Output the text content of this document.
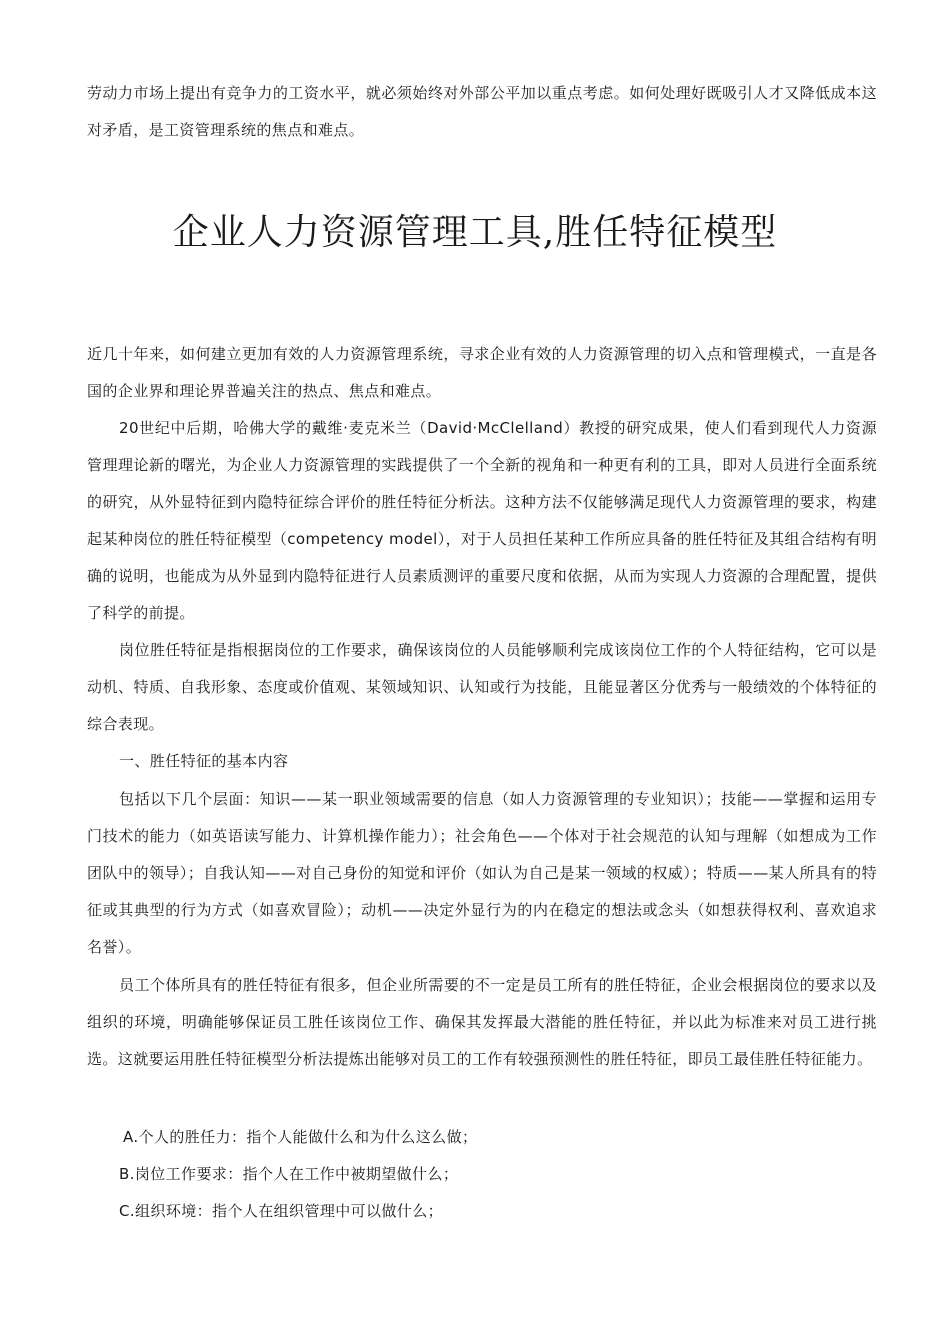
劳动力市场上提出有竞争力的工资水平，就必须始终对外部公平加以重点考虑。如何处理好既吸引人才又降低成本这对矛盾，是工资管理系统的焦点和难点。

企业人力资源管理工具,胜任特征模型

近几十年来，如何建立更加有效的人力资源管理系统，寻求企业有效的人力资源管理的切入点和管理模式，一直是各国的企业界和理论界普遍关注的热点、焦点和难点。

20世纪中后期，哈佛大学的戴维·麦克米兰（David·McClelland）教授的研究成果，使人们看到现代人力资源管理理论新的曙光，为企业人力资源管理的实践提供了一个全新的视角和一种更有利的工具，即对人员进行全面系统的研究，从外显特征到内隐特征综合评价的胜任特征分析法。这种方法不仅能够满足现代人力资源管理的要求，构建起某种岗位的胜任特征模型（competency model），对于人员担任某种工作所应具备的胜任特征及其组合结构有明确的说明，也能成为从外显到内隐特征进行人员素质测评的重要尺度和依据，从而为实现人力资源的合理配置，提供了科学的前提。

岗位胜任特征是指根据岗位的工作要求，确保该岗位的人员能够顺利完成该岗位工作的个人特征结构，它可以是动机、特质、自我形象、态度或价值观、某领域知识、认知或行为技能，且能显著区分优秀与一般绩效的个体特征的综合表现。

一、胜任特征的基本内容

包括以下几个层面：知识——某一职业领域需要的信息（如人力资源管理的专业知识）；技能——掌握和运用专门技术的能力（如英语读写能力、计算机操作能力）；社会角色——个体对于社会规范的认知与理解（如想成为工作团队中的领导）；自我认知——对自己身份的知觉和评价（如认为自己是某一领域的权威）；特质——某人所具有的特征或其典型的行为方式（如喜欢冒险）；动机——决定外显行为的内在稳定的想法或念头（如想获得权利、喜欢追求名誉）。

员工个体所具有的胜任特征有很多，但企业所需要的不一定是员工所有的胜任特征，企业会根据岗位的要求以及组织的环境，明确能够保证员工胜任该岗位工作、确保其发挥最大潜能的胜任特征，并以此为标准来对员工进行挑选。这就要运用胜任特征模型分析法提炼出能够对员工的工作有较强预测性的胜任特征，即员工最佳胜任特征能力。

A.个人的胜任力：指个人能做什么和为什么这么做；

B.岗位工作要求：指个人在工作中被期望做什么；

C.组织环境：指个人在组织管理中可以做什么；
